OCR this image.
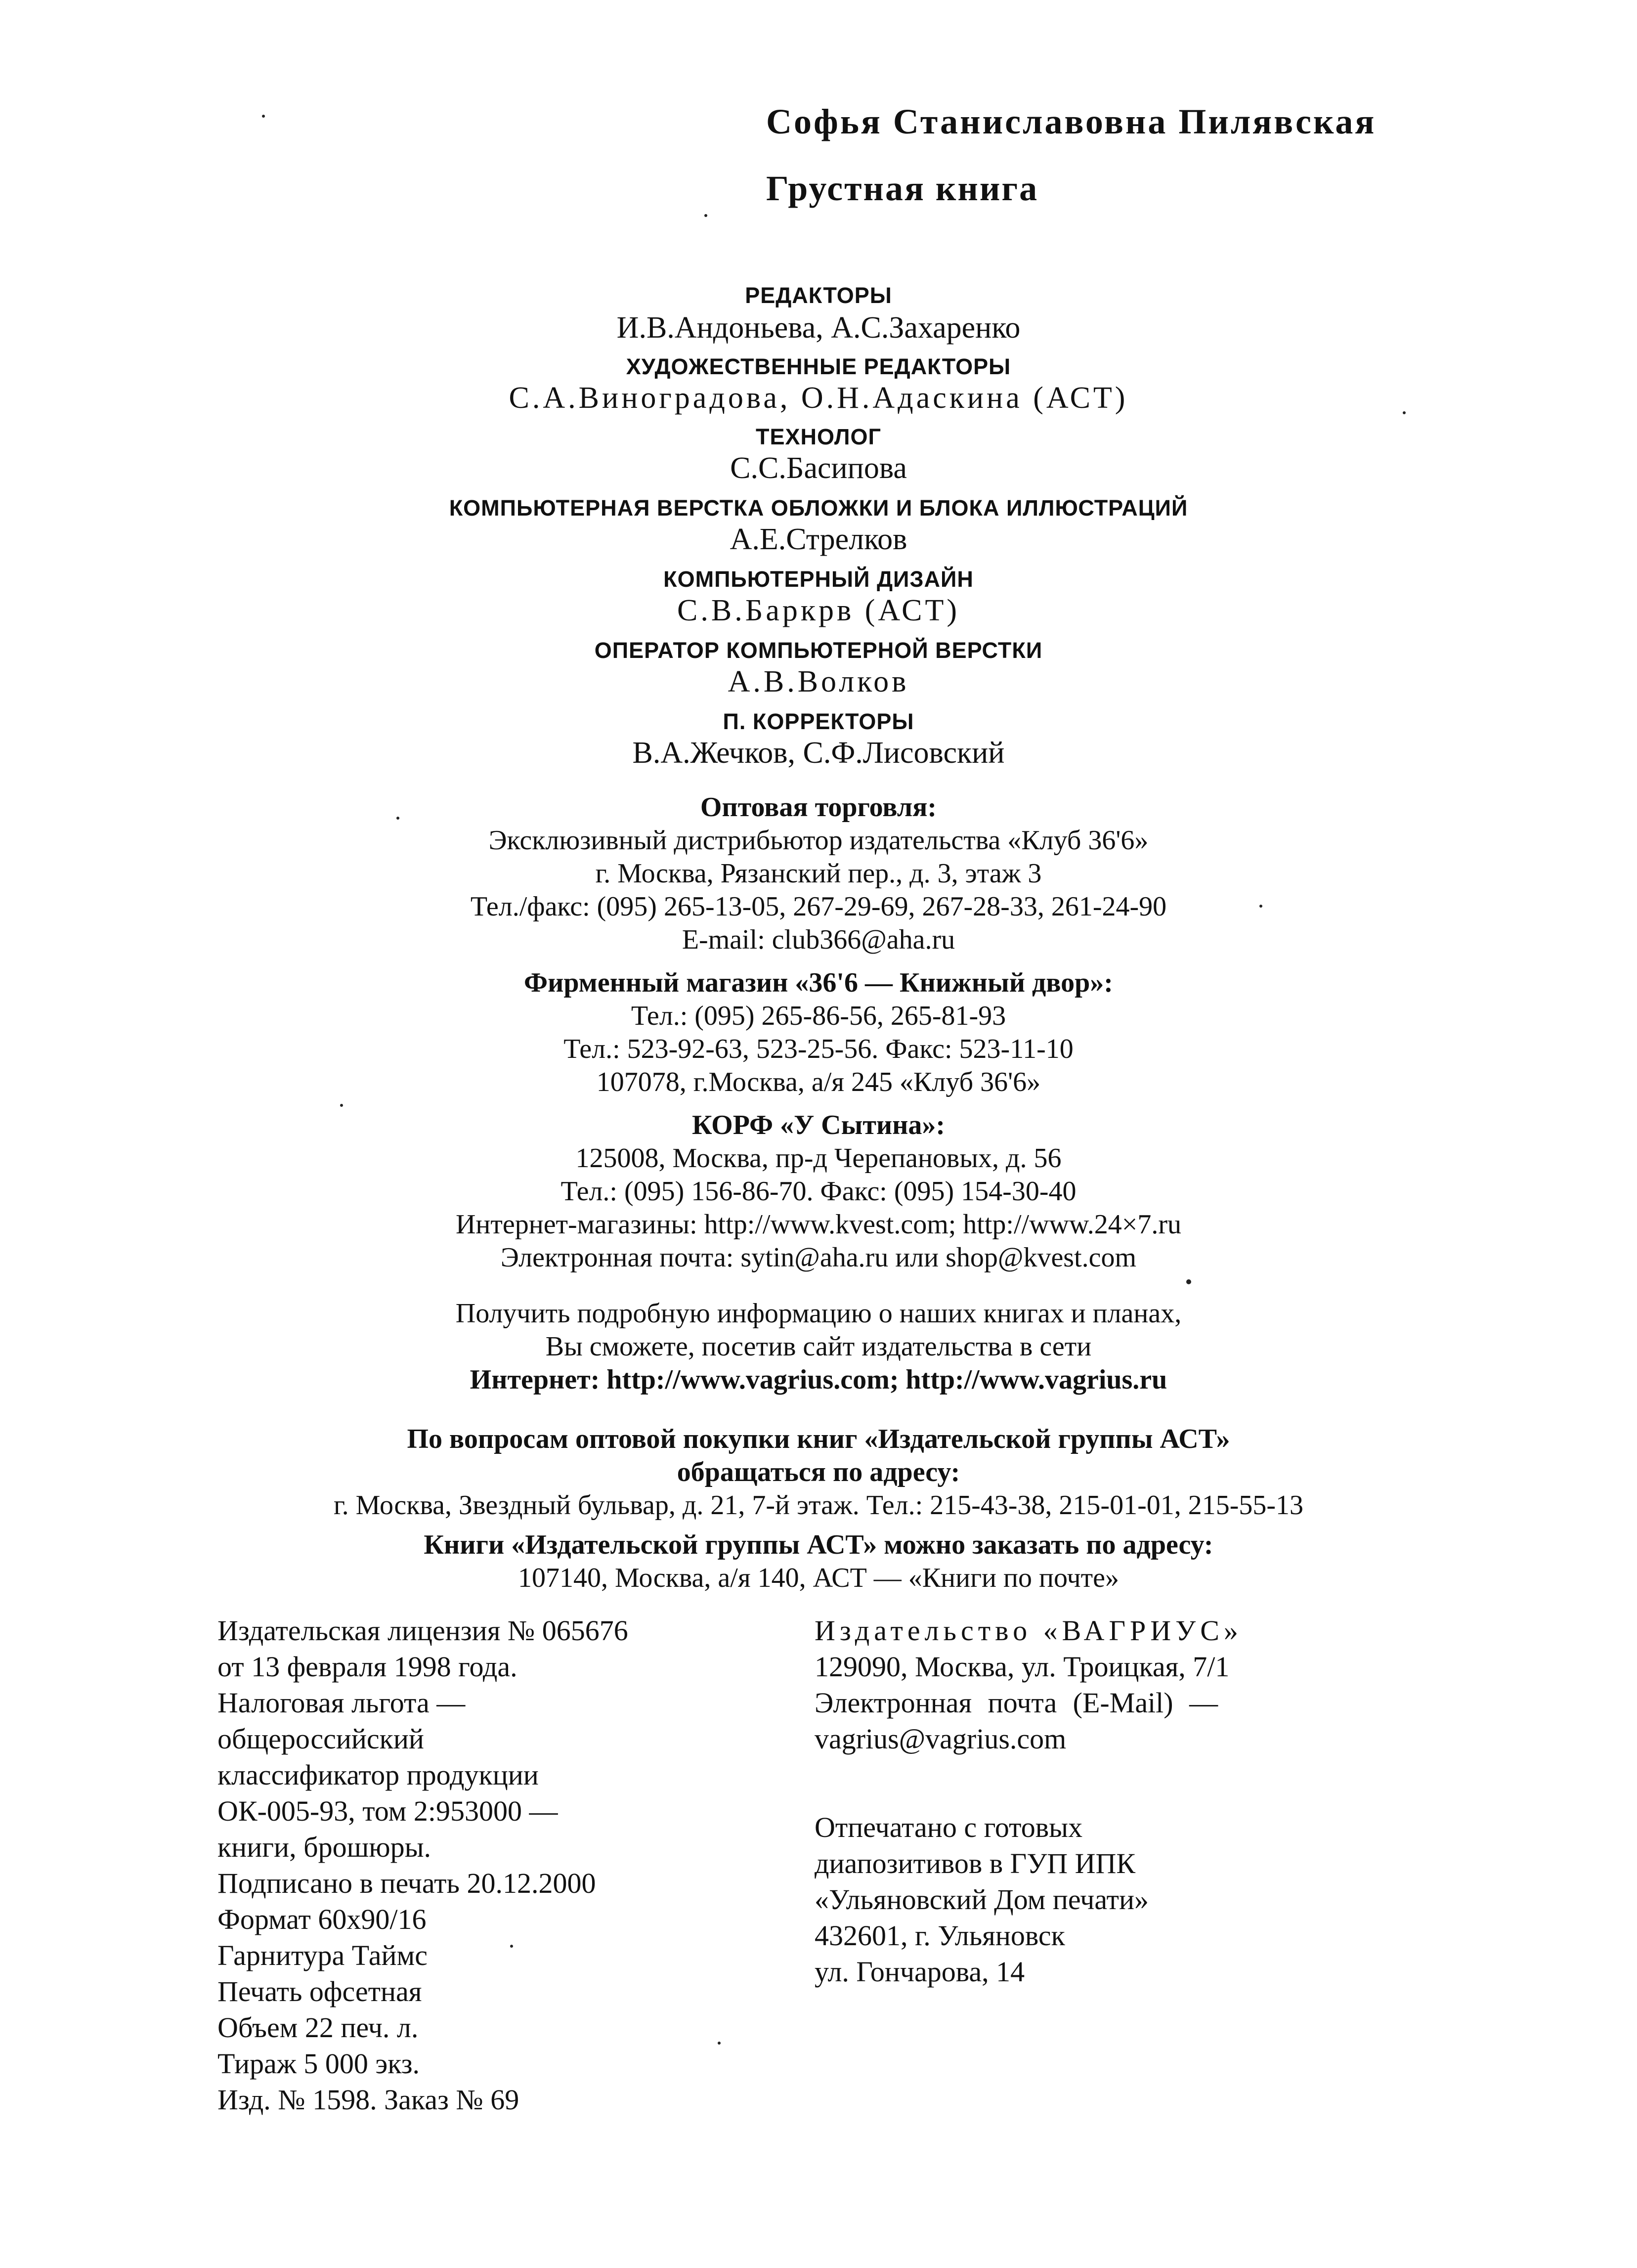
Софья Станиславовна Пилявская
Грустная книга
РЕДАКТОРЫ
И.В.Андоньева, А.С.Захаренко
ХУДОЖЕСТВЕННЫЕ РЕДАКТОРЫ
С.А.Виноградова, О.Н.Адаскина (АСТ)
ТЕХНОЛОГ
С.С.Басипова
КОМПЬЮТЕРНАЯ ВЕРСТКА ОБЛОЖКИ И БЛОКА ИЛЛЮСТРАЦИЙ
А.Е.Стрелков
КОМПЬЮТЕРНЫЙ ДИЗАЙН
С.В.Баркрв (АСТ)
ОПЕРАТОР КОМПЬЮТЕРНОЙ ВЕРСТКИ
А.В.Волков
П. КОРРЕКТОРЫ
В.А.Жечков, С.Ф.Лисовский
Оптовая торговля:
Эксклюзивный дистрибьютор издательства «Клуб 36'6»
г. Москва, Рязанский пер., д. 3, этаж 3
Тел./факс: (095) 265-13-05, 267-29-69, 267-28-33, 261-24-90
E-mail: club366@aha.ru
Фирменный магазин «36'6 — Книжный двор»:
Тел.: (095) 265-86-56, 265-81-93
Тел.: 523-92-63, 523-25-56. Факс: 523-11-10
107078, г.Москва, а/я 245 «Клуб 36'6»
КОРФ «У Сытина»:
125008, Москва, пр-д Черепановых, д. 56
Тел.: (095) 156-86-70. Факс: (095) 154-30-40
Интернет-магазины: http://www.kvest.com; http://www.24×7.ru
Электронная почта: sytin@aha.ru или shop@kvest.com
Получить подробную информацию о наших книгах и планах,
Вы сможете, посетив сайт издательства в сети
Интернет: http://www.vagrius.com; http://www.vagrius.ru
По вопросам оптовой покупки книг «Издательской группы АСТ»
обращаться по адресу:
г. Москва, Звездный бульвар, д. 21, 7-й этаж. Тел.: 215-43-38, 215-01-01, 215-55-13
Книги «Издательской группы АСТ» можно заказать по адресу:
107140, Москва, а/я 140, АСТ — «Книги по почте»
Издательская лицензия № 065676
от 13 февраля 1998 года.
Налоговая льгота —
общероссийский
классификатор продукции
ОК-005-93, том 2:953000 —
книги, брошюры.
Подписано в печать 20.12.2000
Формат 60x90/16
Гарнитура Таймс
Печать офсетная
Объем 22 печ. л.
Тираж 5 000 экз.
Изд. № 1598. Заказ № 69
Издательство «ВАГРИУС»
129090, Москва, ул. Троицкая, 7/1
Электронная почта (E-Mail) —
vagrius@vagrius.com
Отпечатано с готовых
диапозитивов в ГУП ИПК
«Ульяновский Дом печати»
432601, г. Ульяновск
ул. Гончарова, 14
